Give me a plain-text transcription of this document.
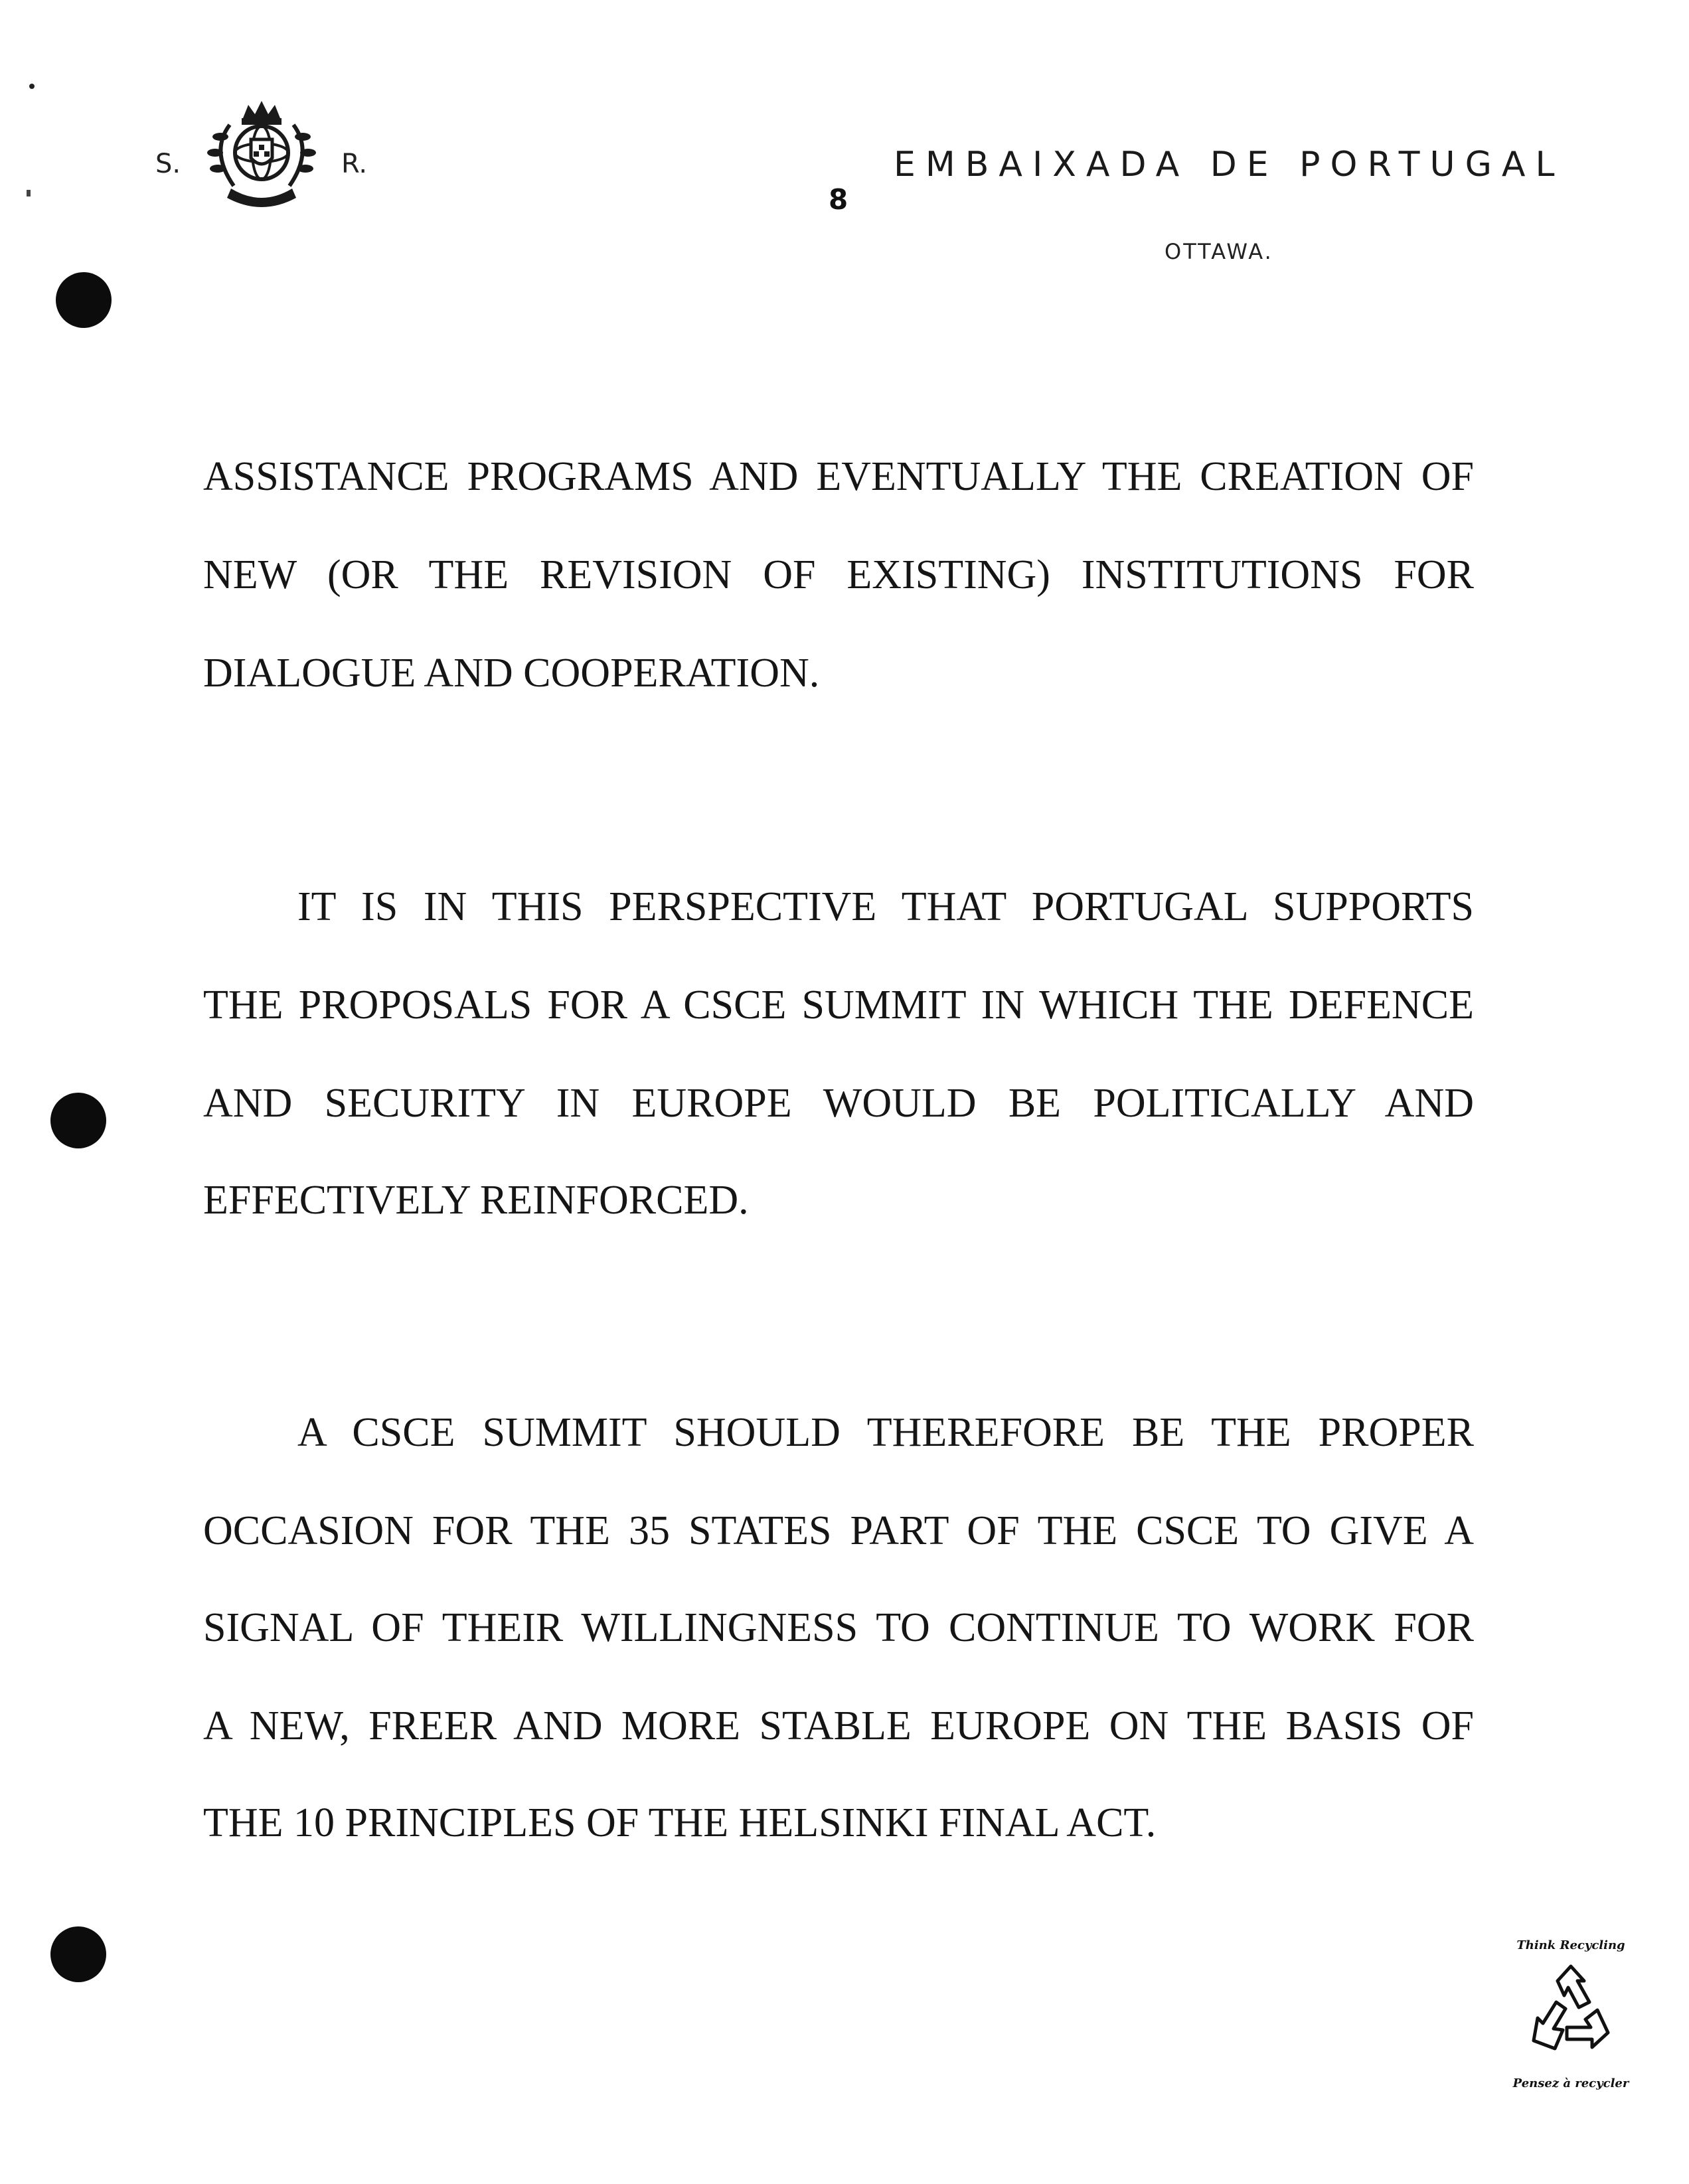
S.	R.
8
EMBAIXADA DE PORTUGAL
OTTAWA.
ASSISTANCE PROGRAMS AND EVENTUALLY THE CREATION OF
NEW (OR THE REVISION OF EXISTING) INSTITUTIONS FOR
DIALOGUE AND COOPERATION.
IT IS IN THIS PERSPECTIVE THAT PORTUGAL SUPPORTS
THE PROPOSALS FOR A CSCE SUMMIT IN WHICH THE DEFENCE
AND SECURITY IN EUROPE WOULD BE POLITICALLY AND
EFFECTIVELY REINFORCED.
A CSCE SUMMIT SHOULD THEREFORE BE THE PROPER
OCCASION FOR THE 35 STATES PART OF THE CSCE TO GIVE A
SIGNAL OF THEIR WILLINGNESS TO CONTINUE TO WORK FOR
A NEW, FREER AND MORE STABLE EUROPE ON THE BASIS OF
THE 10 PRINCIPLES OF THE HELSINKI FINAL ACT.
Think Recycling
Pensez à recycler
